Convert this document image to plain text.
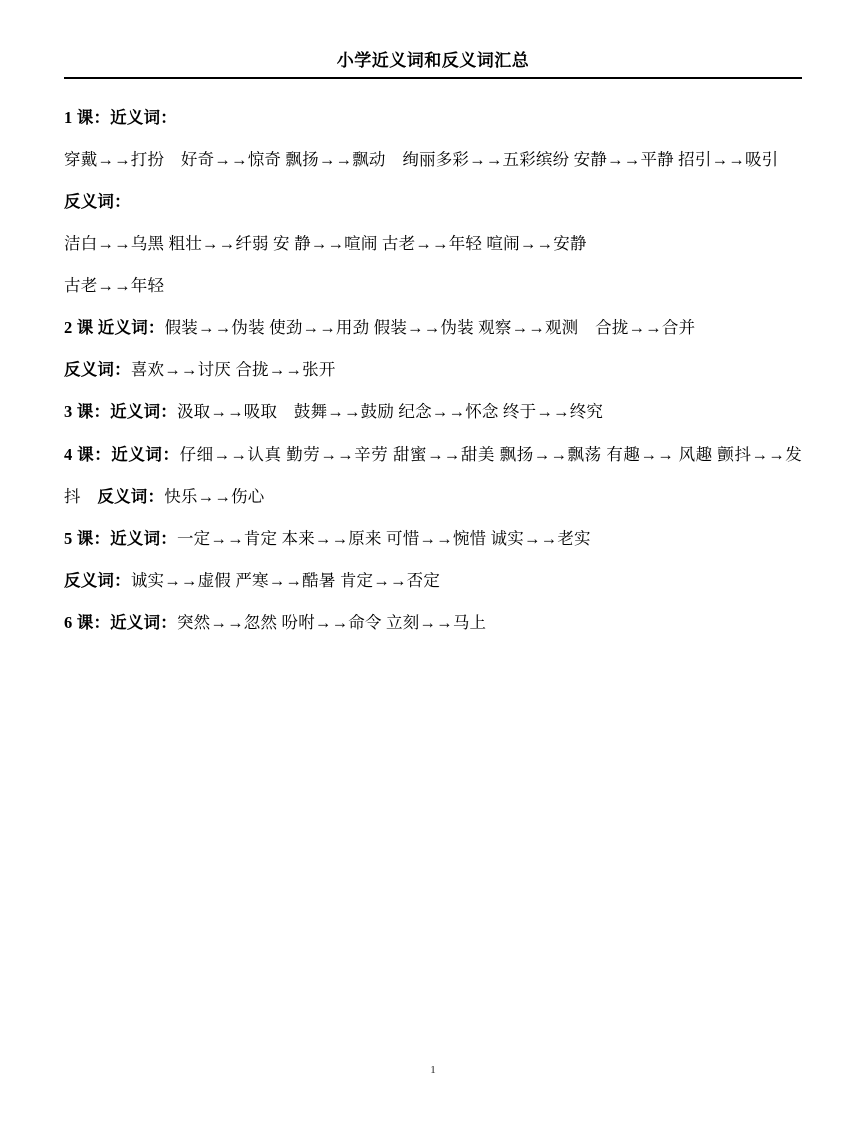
小学近义词和反义词汇总

1 课：近义词：

穿戴→→打扮　好奇→→惊奇 飘扬→→飘动　绚丽多彩→→五彩缤纷 安静→→平静 招引→→吸引

反义词：

洁白→→乌黑 粗壮→→纤弱 安 静→→喧闹 古老→→年轻 喧闹→→安静

古老→→年轻

2 课 近义词：假装→→伪装 使劲→→用劲 假装→→伪装 观察→→观测　合拢→→合并

反义词：喜欢→→讨厌 合拢→→张开

3 课：近义词：汲取→→吸取　鼓舞→→鼓励 纪念→→怀念 终于→→终究

4 课：近义词：仔细→→认真 勤劳→→辛劳 甜蜜→→甜美 飘扬→→飘荡 有趣→→ 风趣 颤抖→→发抖　反义词：快乐→→伤心

5 课：近义词：一定→→肯定 本来→→原来 可惜→→惋惜 诚实→→老实

反义词：诚实→→虚假 严寒→→酷暑 肯定→→否定

6 课：近义词：突然→→忽然 吩咐→→命令 立刻→→马上

1
